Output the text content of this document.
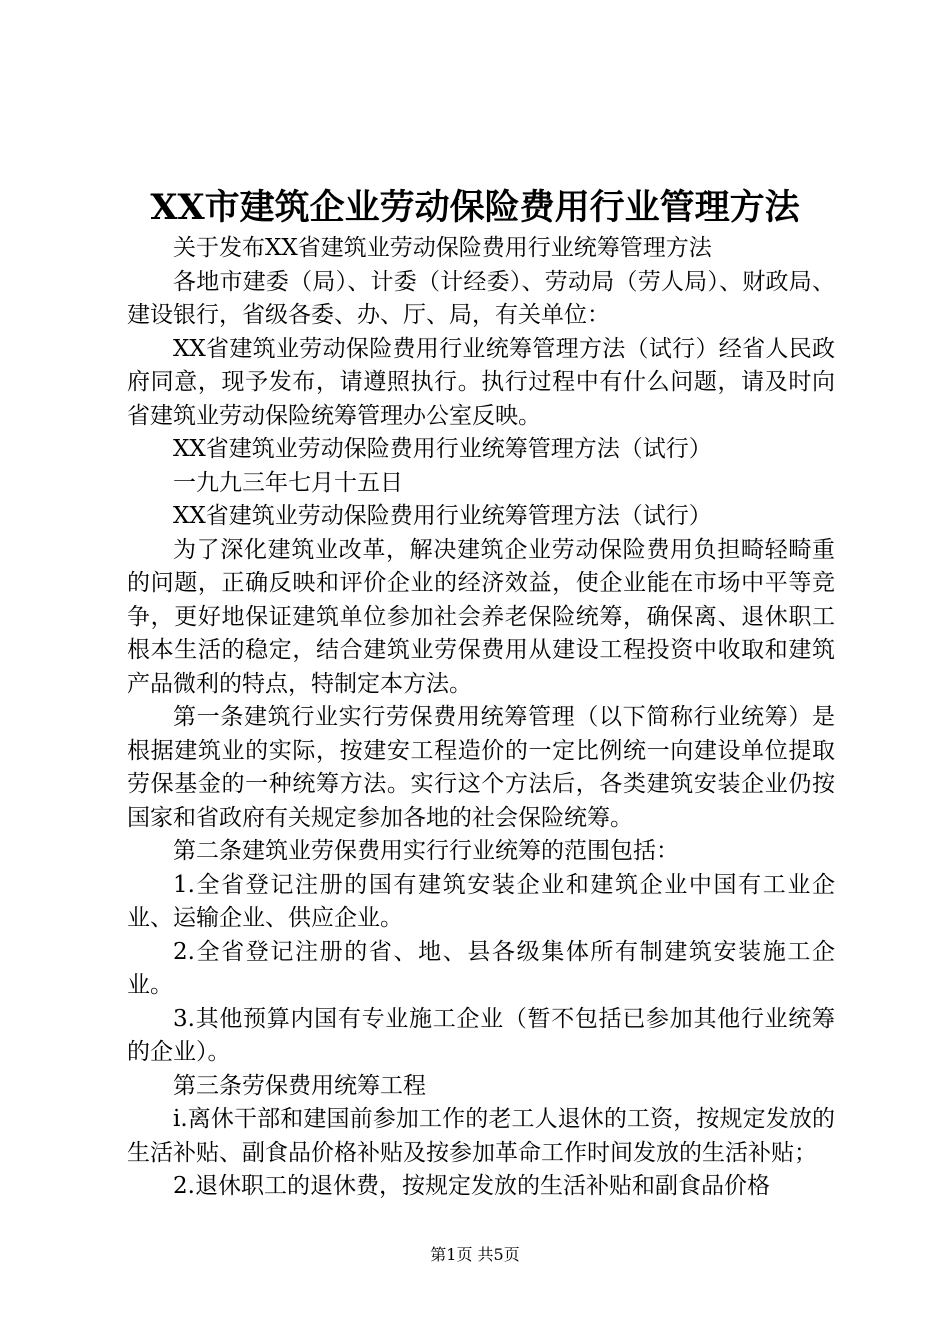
XX市建筑企业劳动保险费用行业管理方法

关于发布XX省建筑业劳动保险费用行业统筹管理方法

各地市建委（局）、计委（计经委）、劳动局（劳人局）、财政局、建设银行，省级各委、办、厅、局，有关单位：

XX省建筑业劳动保险费用行业统筹管理方法（试行）经省人民政府同意，现予发布，请遵照执行。执行过程中有什么问题，请及时向省建筑业劳动保险统筹管理办公室反映。

XX省建筑业劳动保险费用行业统筹管理方法（试行）

一九九三年七月十五日

XX省建筑业劳动保险费用行业统筹管理方法（试行）

为了深化建筑业改革，解决建筑企业劳动保险费用负担畸轻畸重的问题，正确反映和评价企业的经济效益，使企业能在市场中平等竞争，更好地保证建筑单位参加社会养老保险统筹，确保离、退休职工根本生活的稳定，结合建筑业劳保费用从建设工程投资中收取和建筑产品微利的特点，特制定本方法。

第一条建筑行业实行劳保费用统筹管理（以下简称行业统筹）是根据建筑业的实际，按建安工程造价的一定比例统一向建设单位提取劳保基金的一种统筹方法。实行这个方法后，各类建筑安装企业仍按国家和省政府有关规定参加各地的社会保险统筹。

第二条建筑业劳保费用实行行业统筹的范围包括：

1.全省登记注册的国有建筑安装企业和建筑企业中国有工业企业、运输企业、供应企业。

2.全省登记注册的省、地、县各级集体所有制建筑安装施工企业。

3.其他预算内国有专业施工企业（暂不包括已参加其他行业统筹的企业）。

第三条劳保费用统筹工程

i.离休干部和建国前参加工作的老工人退休的工资，按规定发放的生活补贴、副食品价格补贴及按参加革命工作时间发放的生活补贴；

2.退休职工的退休费，按规定发放的生活补贴和副食品价格

第1页 共5页
